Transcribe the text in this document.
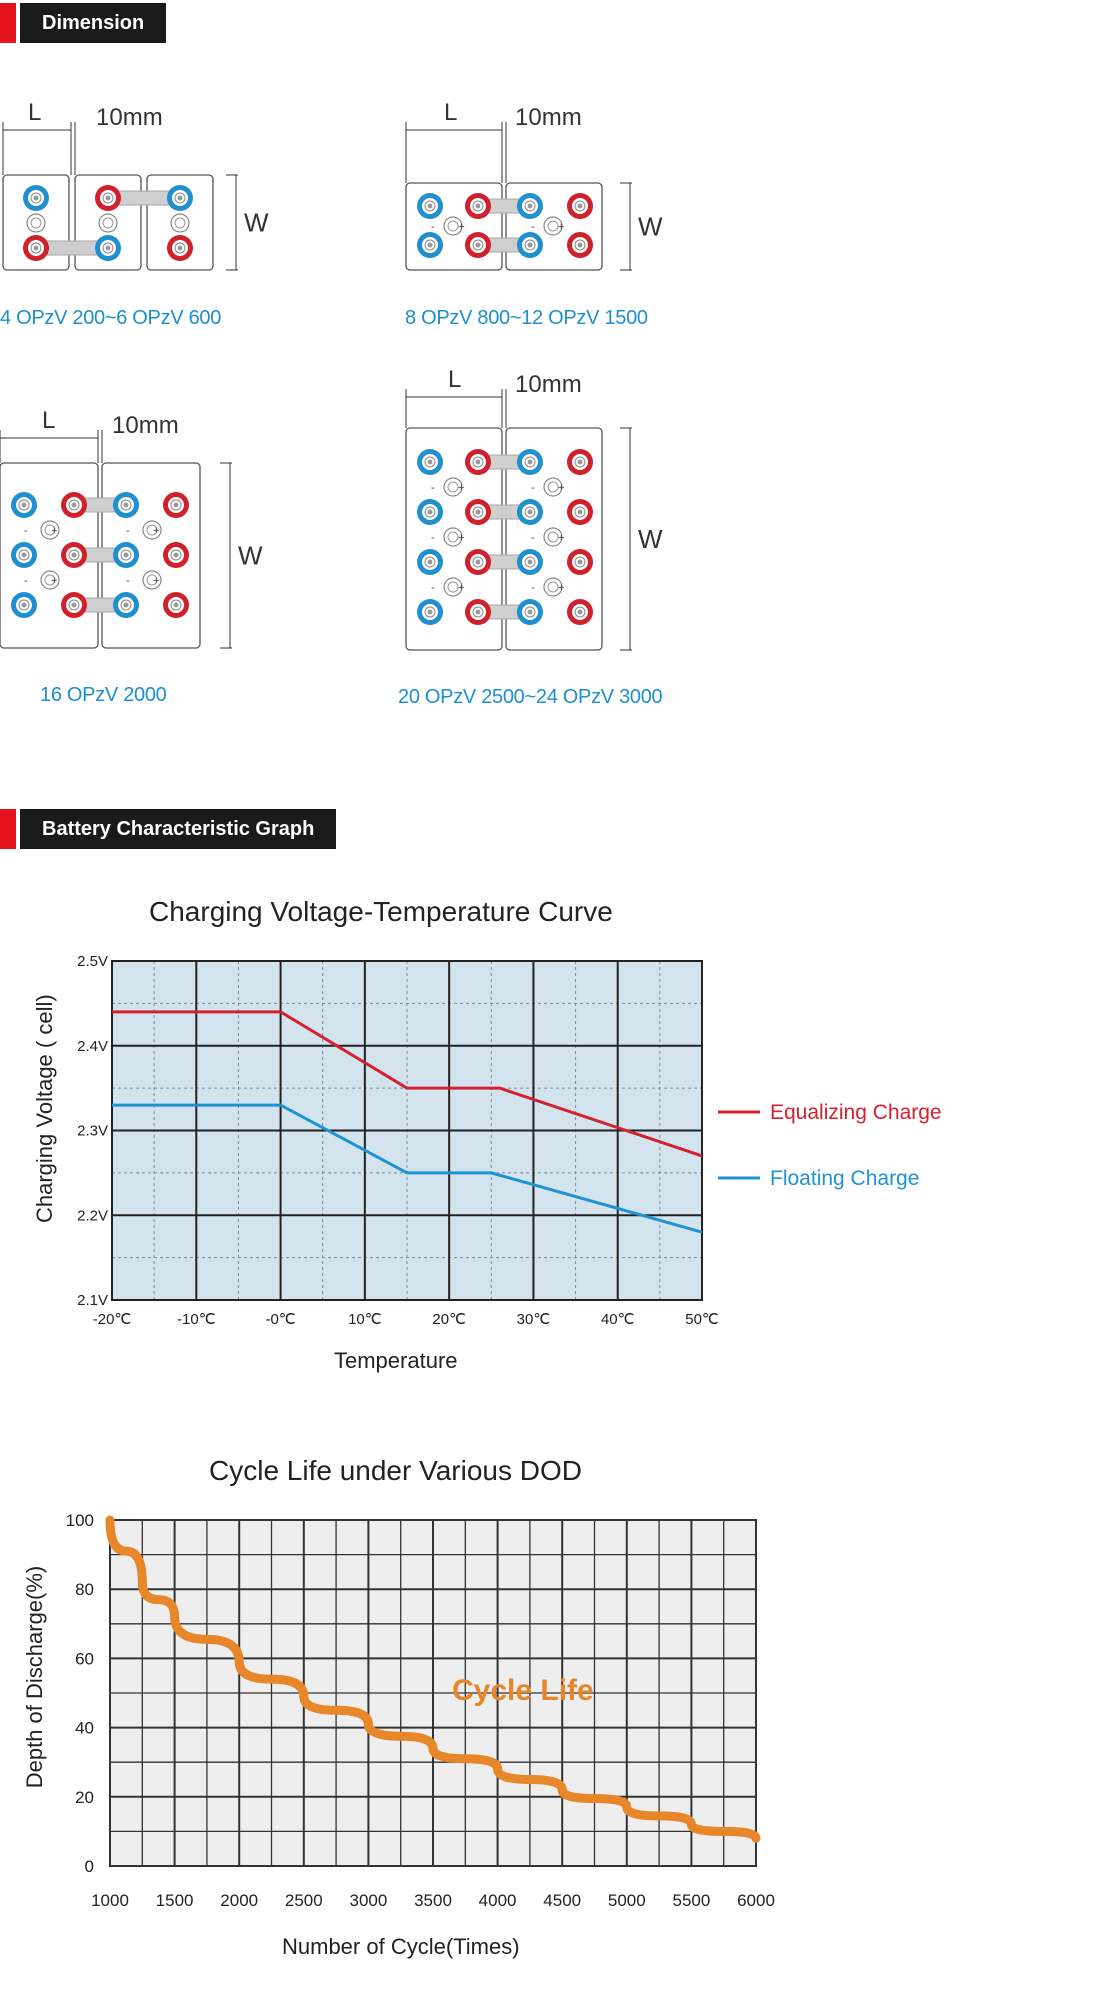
Dimension
L 10mm
W	- +	- +
L 10mm
W
- +
- +
- +
- +
L 10mm
W
- +
- +
- +
- +
- +
- +
L 10mm
W
4 OPzV 200~6 OPzV 600	8 OPzV 800~12 OPzV 1500
16 OPzV 2000	20 OPzV 2500~24 OPzV 3000
Battery Characteristic Graph
Charging Voltage-Temperature Curve
Charging Voltage ( cell)
Temperature
-20℃	-10℃	-0℃	10℃	20℃	30℃	40℃	50℃
2.1V
2.2V
2.3V
2.4V
2.5V
Equalizing Charge
Floating Charge
Cycle Life under Various DOD
Depth of Discharge(%)
Number of Cycle(Times)
1000 1500 2000 2500 3000 3500 4000 4500 5000 5500 6000
0
20
40
60
80
100
Cycle Life
